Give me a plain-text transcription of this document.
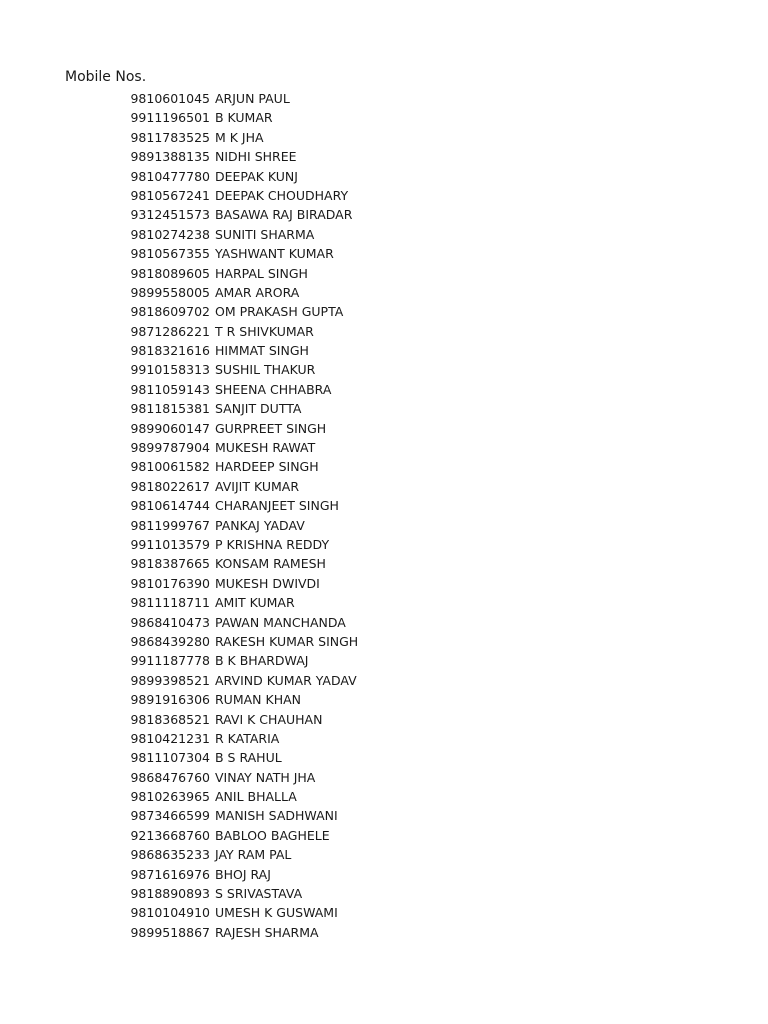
Mobile Nos.
9810601045 ARJUN PAUL
9911196501 B KUMAR
9811783525 M K JHA
9891388135 NIDHI SHREE
9810477780 DEEPAK KUNJ
9810567241 DEEPAK CHOUDHARY
9312451573 BASAWA RAJ BIRADAR
9810274238 SUNITI SHARMA
9810567355 YASHWANT KUMAR
9818089605 HARPAL SINGH
9899558005 AMAR ARORA
9818609702 OM PRAKASH GUPTA
9871286221 T R SHIVKUMAR
9818321616 HIMMAT SINGH
9910158313 SUSHIL THAKUR
9811059143 SHEENA CHHABRA
9811815381 SANJIT DUTTA
9899060147 GURPREET SINGH
9899787904 MUKESH RAWAT
9810061582 HARDEEP SINGH
9818022617 AVIJIT KUMAR
9810614744 CHARANJEET SINGH
9811999767 PANKAJ YADAV
9911013579 P KRISHNA REDDY
9818387665 KONSAM RAMESH
9810176390 MUKESH DWIVDI
9811118711 AMIT KUMAR
9868410473 PAWAN MANCHANDA
9868439280 RAKESH KUMAR SINGH
9911187778 B K BHARDWAJ
9899398521 ARVIND KUMAR YADAV
9891916306 RUMAN KHAN
9818368521 RAVI K CHAUHAN
9810421231 R KATARIA
9811107304 B S RAHUL
9868476760 VINAY NATH JHA
9810263965 ANIL BHALLA
9873466599 MANISH SADHWANI
9213668760 BABLOO BAGHELE
9868635233 JAY RAM PAL
9871616976 BHOJ RAJ
9818890893 S SRIVASTAVA
9810104910 UMESH K GUSWAMI
9899518867 RAJESH SHARMA
